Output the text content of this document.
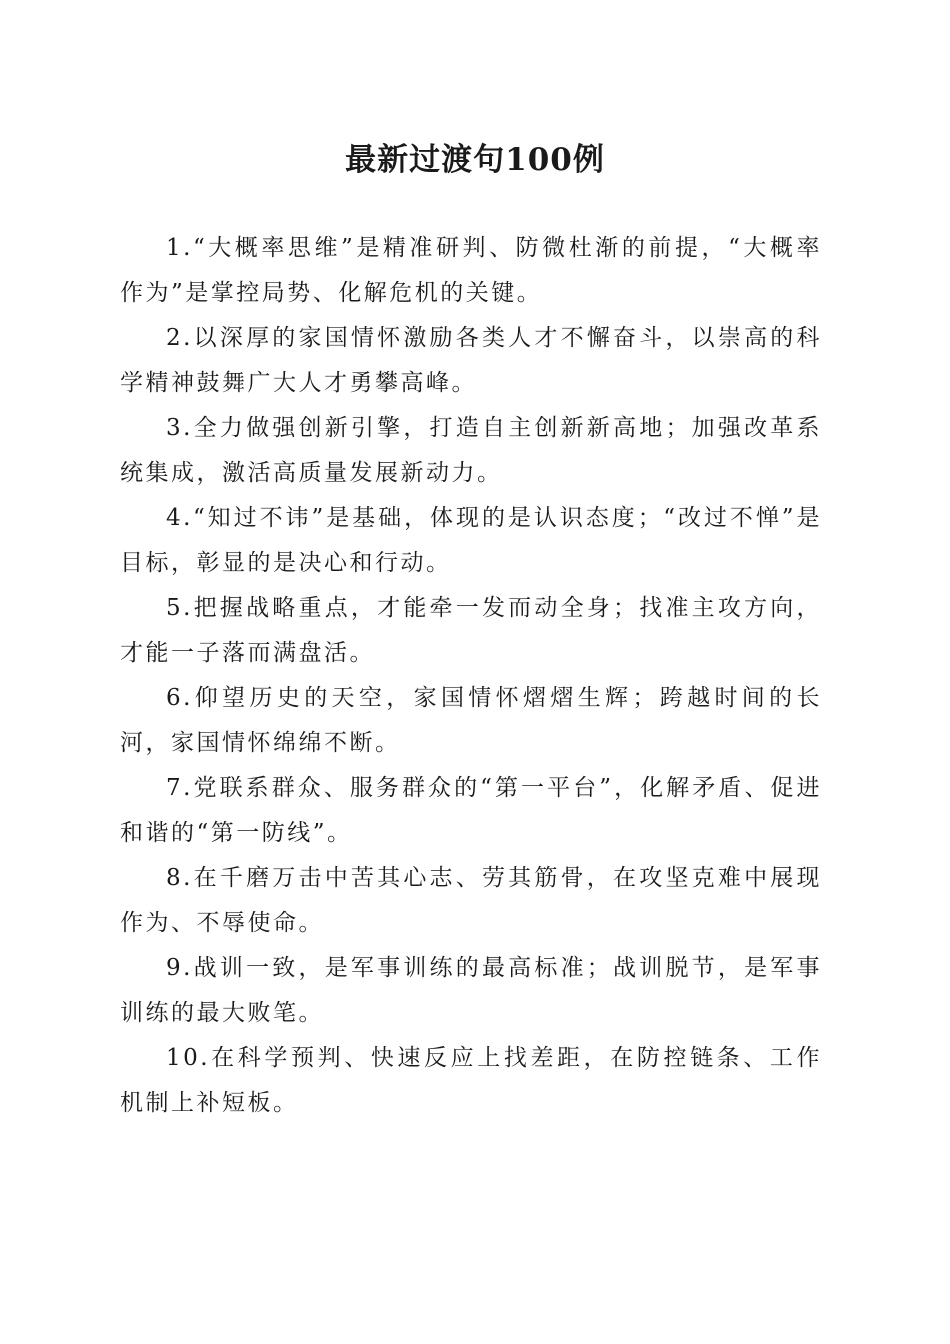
最新过渡句100例

1.“大概率思维”是精准研判、防微杜渐的前提，“大概率作为”是掌控局势、化解危机的关键。

2.以深厚的家国情怀激励各类人才不懈奋斗，以崇高的科学精神鼓舞广大人才勇攀高峰。

3.全力做强创新引擎，打造自主创新新高地；加强改革系统集成，激活高质量发展新动力。

4.“知过不讳”是基础，体现的是认识态度；“改过不惮”是目标，彰显的是决心和行动。

5.把握战略重点，才能牵一发而动全身；找准主攻方向，才能一子落而满盘活。

6.仰望历史的天空，家国情怀熠熠生辉；跨越时间的长河，家国情怀绵绵不断。

7.党联系群众、服务群众的“第一平台”，化解矛盾、促进和谐的“第一防线”。

8.在千磨万击中苦其心志、劳其筋骨，在攻坚克难中展现作为、不辱使命。

9.战训一致，是军事训练的最高标准；战训脱节，是军事训练的最大败笔。

10.在科学预判、快速反应上找差距，在防控链条、工作机制上补短板。
